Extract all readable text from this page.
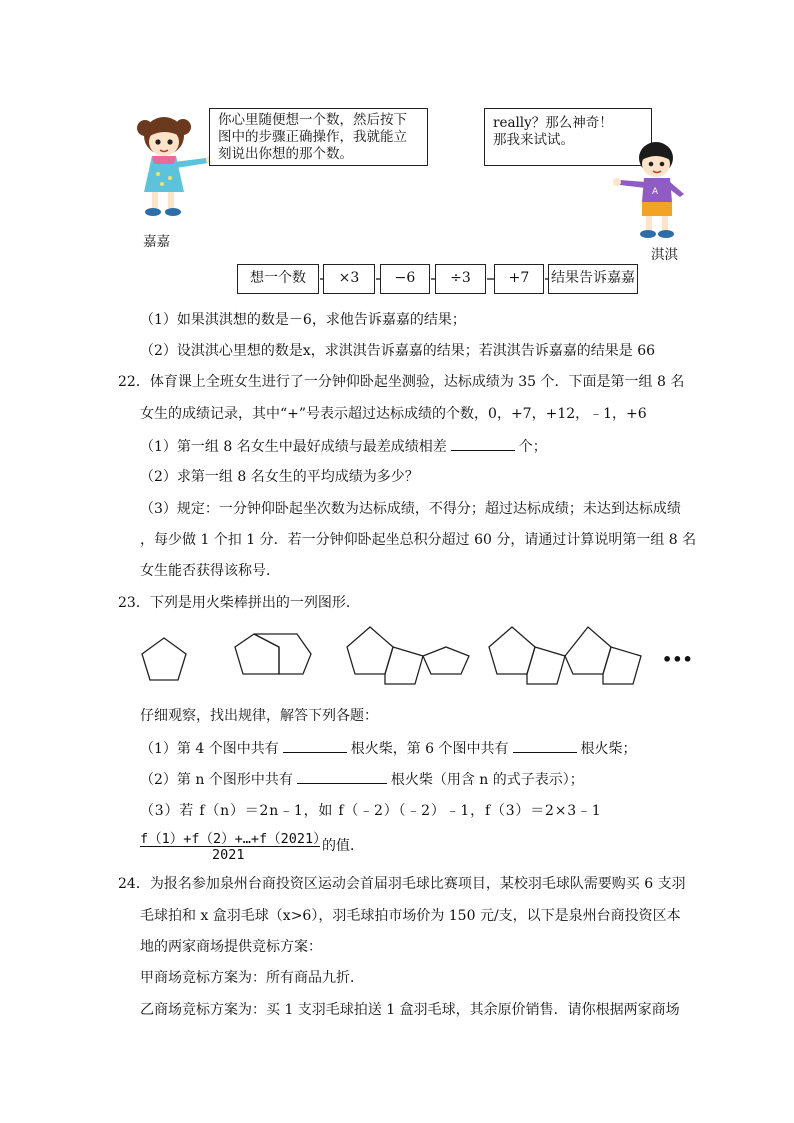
嘉嘉
你心里随便想一个数，然后按下
图中的步骤正确操作，我就能立
刻说出你想的那个数。
really？那么神奇！
那我来试试。
A
淇淇
想一个数	×3	−6	÷3	+7	结果告诉嘉嘉
（1）如果淇淇想的数是－6，求他告诉嘉嘉的结果；
（2）设淇淇心里想的数是x，求淇淇告诉嘉嘉的结果；若淇淇告诉嘉嘉的结果是 66
22．体育课上全班女生进行了一分钟仰卧起坐测验，达标成绩为 35 个．下面是第一组 8 名
女生的成绩记录，其中“+”号表示超过达标成绩的个数，0，+7，+12，﹣1，+6
（1）第一组 8 名女生中最好成绩与最差成绩相差	个；
（2）求第一组 8 名女生的平均成绩为多少？
（3）规定：一分钟仰卧起坐次数为达标成绩，不得分；超过达标成绩；未达到达标成绩
，每少做 1 个扣 1 分．若一分钟仰卧起坐总积分超过 60 分，请通过计算说明第一组 8 名
女生能否获得该称号．
23．下列是用火柴棒拼出的一列图形．
•••
仔细观察，找出规律，解答下列各题：
（1）第 4 个图中共有	根火柴，第 6 个图中共有	根火柴；
（2）第 n 个图形中共有	根火柴（用含 n 的式子表示）；
（3）若 f（n）＝2n﹣1，如 f（﹣2）（﹣2）﹣1，f（3）＝2×3﹣1
f（1）+f（2）+…+f（2021）
2021
的值．
24．为报名参加泉州台商投资区运动会首届羽毛球比赛项目，某校羽毛球队需要购买 6 支羽
毛球拍和 x 盒羽毛球（x>6），羽毛球拍市场价为 150 元/支，以下是泉州台商投资区本
地的两家商场提供竞标方案：
甲商场竞标方案为：所有商品九折．
乙商场竞标方案为：买 1 支羽毛球拍送 1 盒羽毛球，其余原价销售．请你根据两家商场
